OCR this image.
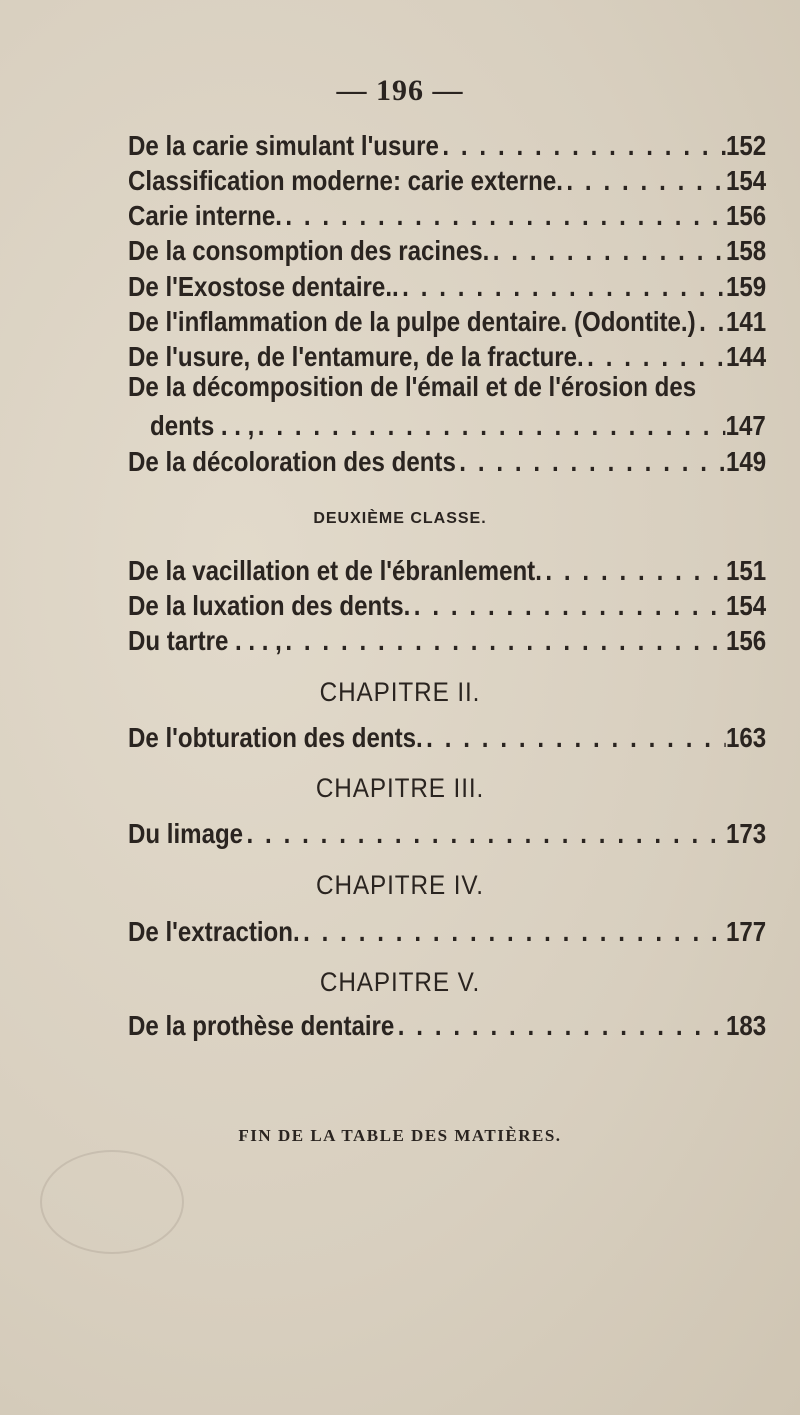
— 196 —
De la carie simulant l'usure . . .	152
Classification moderne: carie externe. . . .	154
Carie interne. . . .	156
De la consomption des racines. . . .	158
De l'Exostose dentaire.. . . .	159
De l'inflammation de la pulpe dentaire. (Odontite.) . . . 141
De l'usure, de l'entamure, de la fracture. . . .	144
De la décomposition de l'émail et de l'érosion des
dents . . , . . .	147
De la décoloration des dents . . .	149
DEUXIÈME CLASSE.
De la vacillation et de l'ébranlement. . . .	151
De la luxation des dents. . . .	154
Du tartre . . . , . . .	156
CHAPITRE II.
De l'obturation des dents. . . .	163
CHAPITRE III.
Du limage . . .	173
CHAPITRE IV.
De l'extraction. . . .	177
CHAPITRE V.
De la prothèse dentaire . . .	183
FIN DE LA TABLE DES MATIÈRES.
